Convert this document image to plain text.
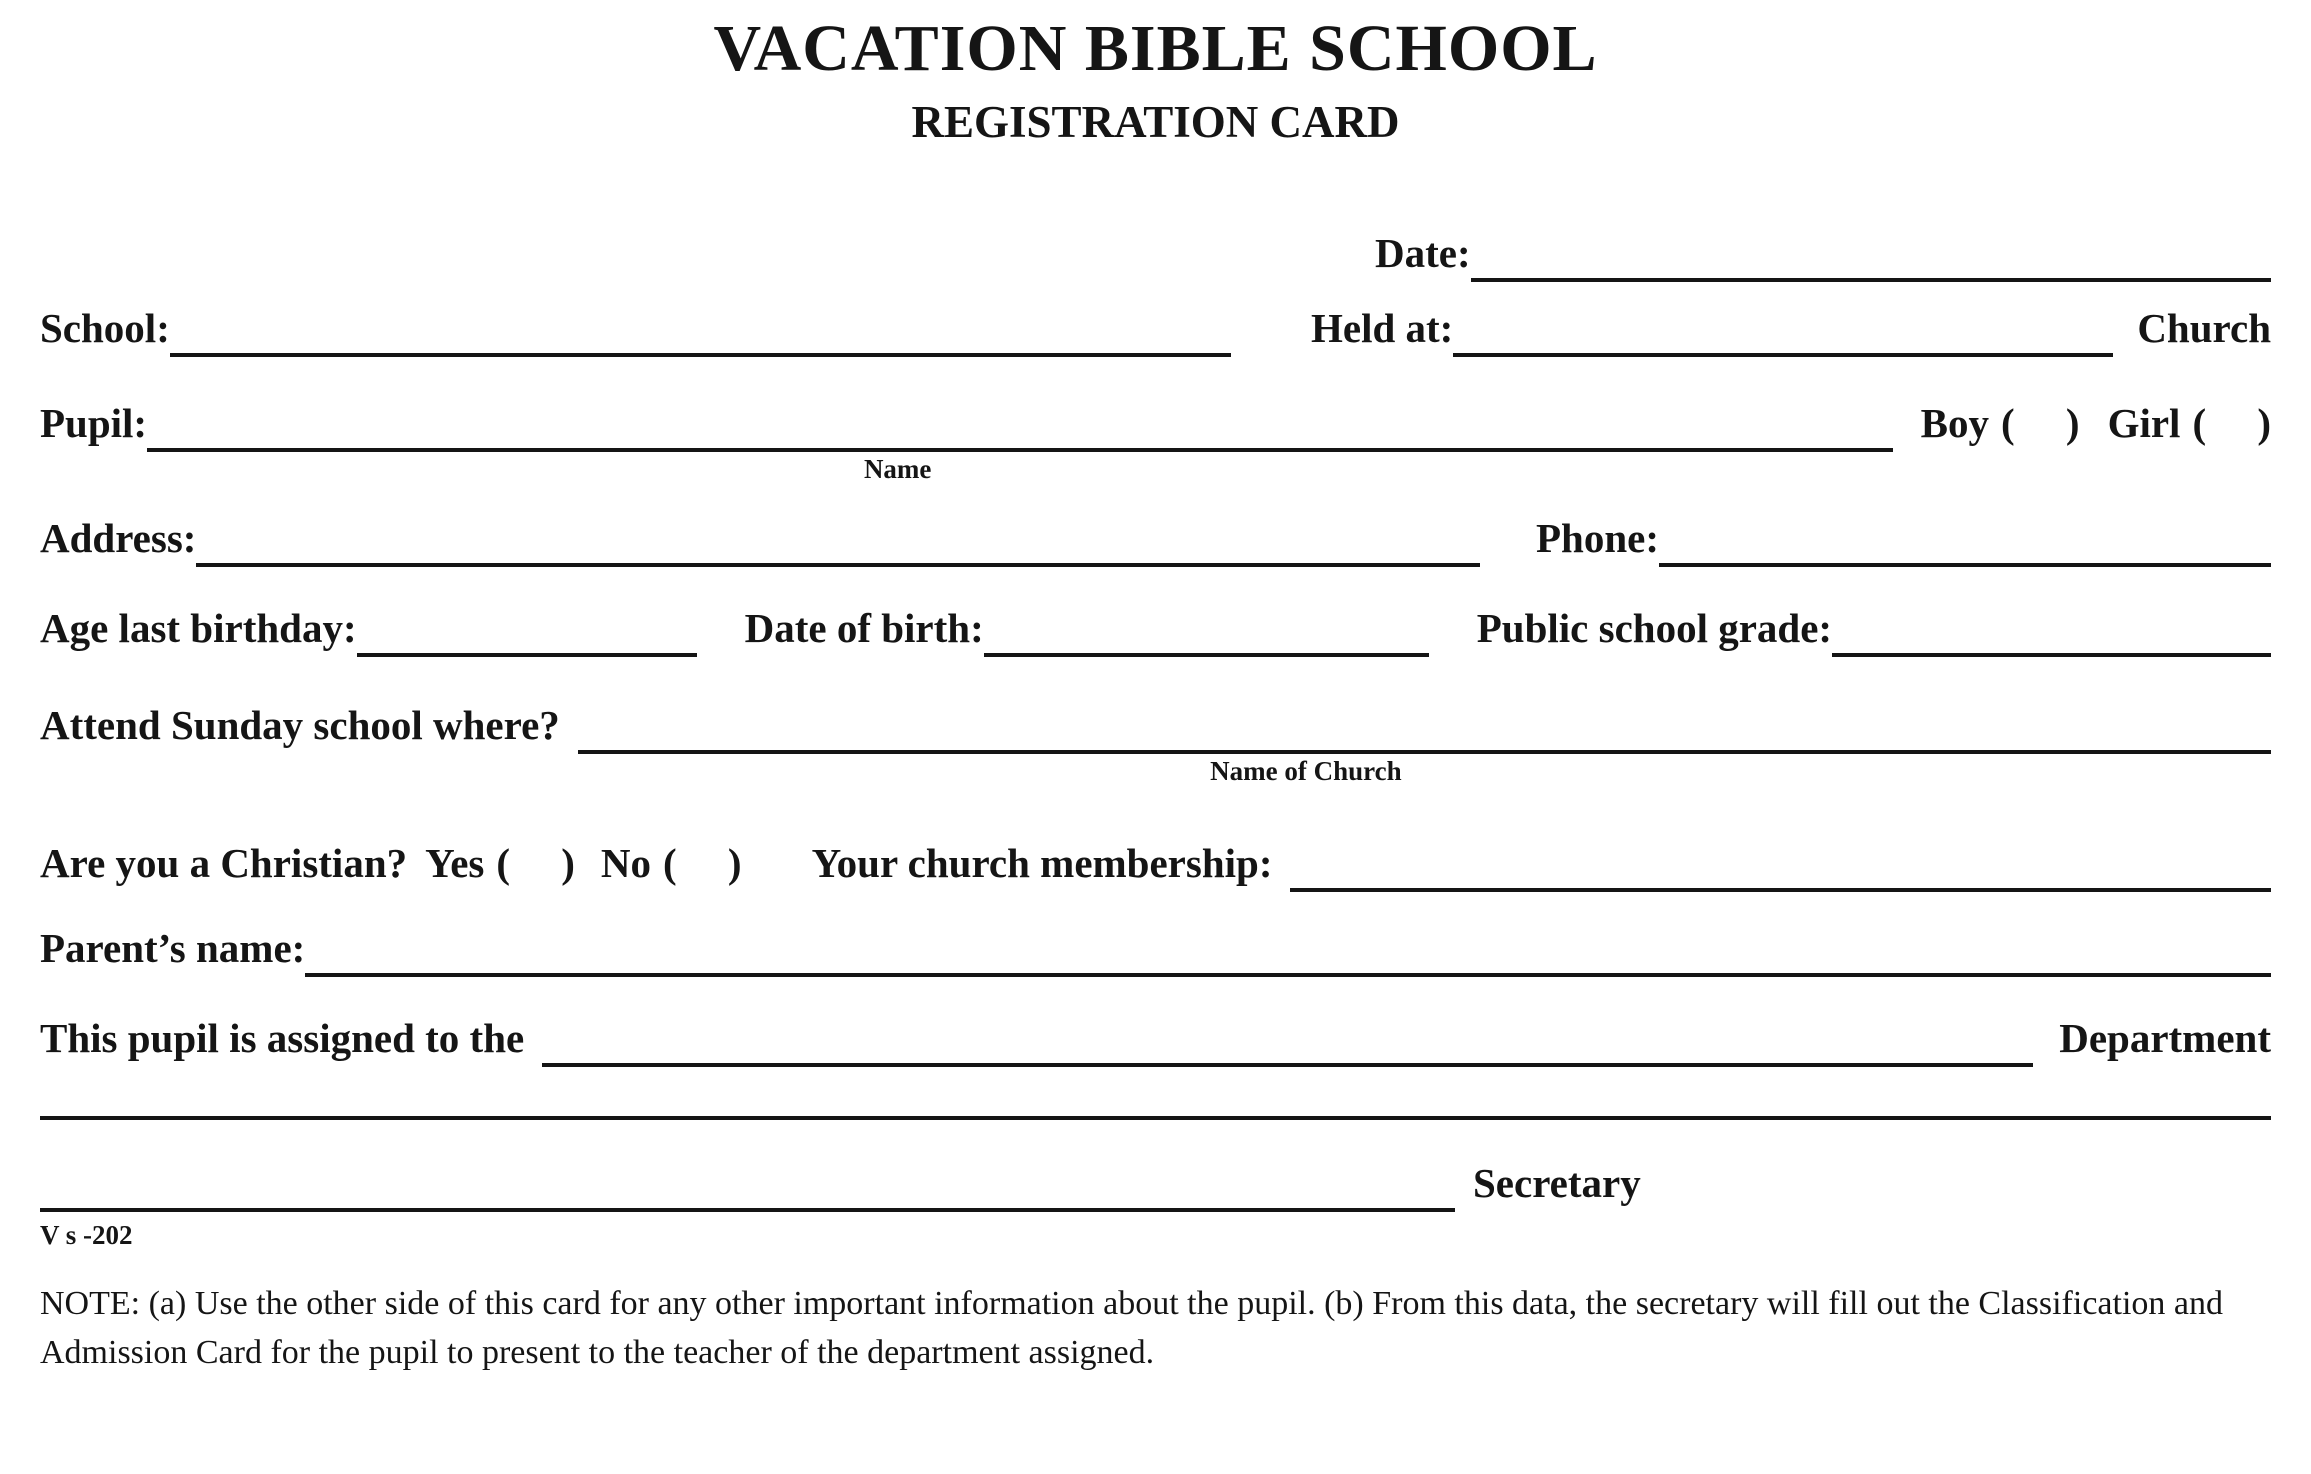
VACATION BIBLE SCHOOL
REGISTRATION CARD
Date:
School:	Held at:	Church
Pupil:
Name
Boy (     ) Girl (     )
Address:	Phone:
Age last birthday:	Date of birth:	Public school grade:
Attend Sunday school where?
Name of Church
Are you a Christian? Yes (     ) No (     ) Your church membership:
Parent’s name:
This pupil is assigned to the	Department
Secretary
V s -202
NOTE: (a) Use the other side of this card for any other important information about the pupil. (b) From this data, the secretary will fill out the Classification and Admission Card for the pupil to present to the teacher of the department assigned.
